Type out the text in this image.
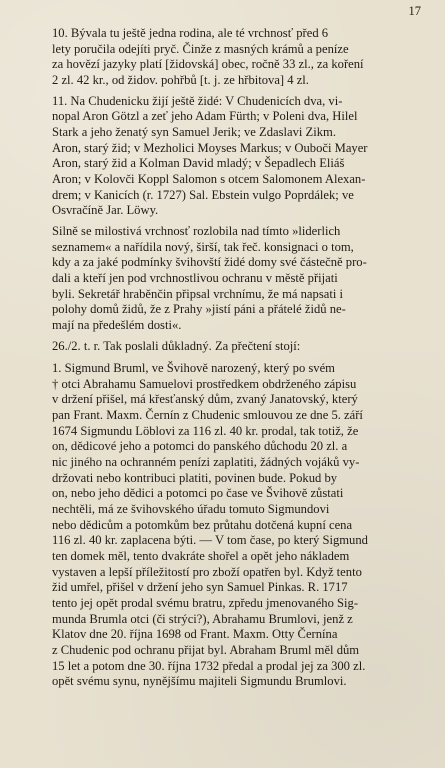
17

10. Bývala tu ještě jedna rodina, ale té vrchnosť před 6
lety poručila odejíti pryč. Činže z masných krámů a peníze
za hovězí jazyky platí [židovská] obec, ročně 33 zl., za koření
2 zl. 42 kr., od židov. pohřbů [t. j. ze hřbitova] 4 zl.

11. Na Chudenicku žijí ještě židé: V Chudenicích dva, vi-
nopal Aron Götzl a zeť jeho Adam Fürth; v Poleni dva, Hilel
Stark a jeho ženatý syn Samuel Jerik; ve Zdaslavi Zikm.
Aron, starý žid; v Mezholici Moyses Markus; v Ouboči Mayer
Aron, starý žid a Kolman David mladý; v Šepadlech Eliáš
Aron; v Kolovči Koppl Salomon s otcem Salomonem Alexan-
drem; v Kanicích (r. 1727) Sal. Ebstein vulgo Poprdálek; ve
Osvračíně Jar. Löwy.

Silně se milostivá vrchnosť rozlobila nad tímto »liderlich
seznamem« a nařídila nový, širší, tak řeč. konsignaci o tom,
kdy a za jaké podmínky švihovští židé domy své částečně pro-
dali a kteří jen pod vrchnostlivou ochranu v městě přijati
byli. Sekretář hraběnčin připsal vrchnímu, že má napsati i
polohy domů židů, že z Prahy »jistí páni a přátelé židů ne-
mají na předešlém dosti«.

26./2. t. r. Tak poslali důkladný. Za přečtení stojí:

1. Sigmund Bruml, ve Švihově narozený, který po svém
† otci Abrahamu Samuelovi prostředkem obdrženého zápisu
v držení přišel, má křesťanský dům, zvaný Janatovský, který
pan Frant. Maxm. Černín z Chudenic smlouvou ze dne 5. září
1674 Sigmundu Löblovi za 116 zl. 40 kr. prodal, tak totiž, že
on, dědicové jeho a potomci do panského důchodu 20 zl. a
nic jiného na ochranném penízi zaplatiti, žádných vojáků vy-
držovati nebo kontribuci platiti, povinen bude. Pokud by
on, nebo jeho dědici a potomci po čase ve Švihově zůstati
nechtěli, má ze švihovského úřadu tomuto Sigmundovi
nebo dědicům a potomkům bez průtahu dotčená kupní cena
116 zl. 40 kr. zaplacena býti. — V tom čase, po který Sigmund
ten domek měl, tento dvakráte shořel a opět jeho nákladem
vystaven a lepší příležitostí pro zboží opatřen byl. Když tento
žid umřel, přišel v držení jeho syn Samuel Pinkas. R. 1717
tento jej opět prodal svému bratru, zpředu jmenovaného Sig-
munda Brumla otci (či strýci?), Abrahamu Brumlovi, jenž z
Klatov dne 20. října 1698 od Frant. Maxm. Otty Černína
z Chudenic pod ochranu přijat byl. Abraham Bruml měl dům
15 let a potom dne 30. října 1732 předal a prodal jej za 300 zl.
opět svému synu, nynějšímu majiteli Sigmundu Brumlovi.
